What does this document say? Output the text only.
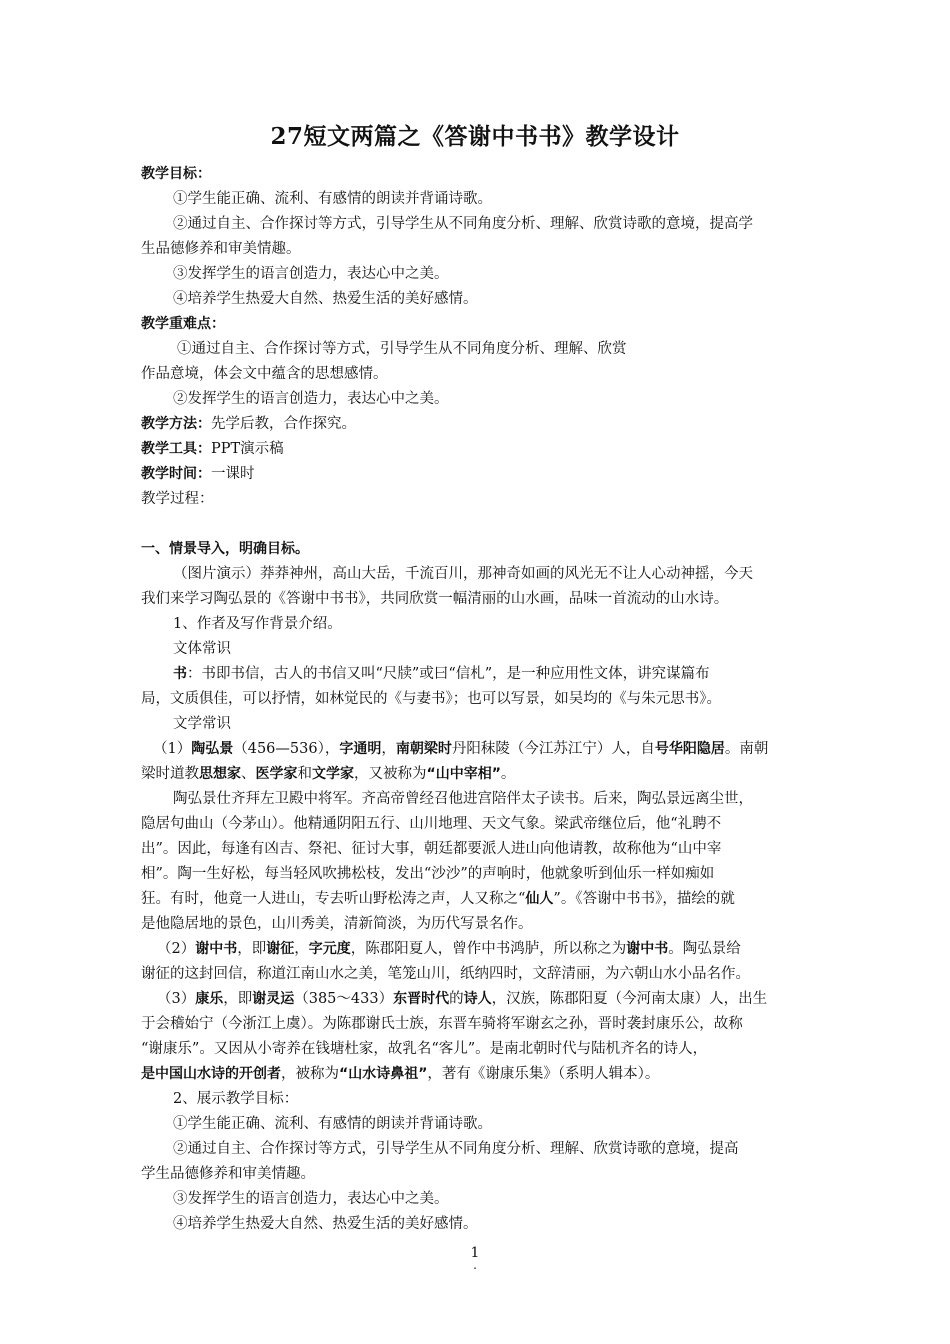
27短文两篇之《答谢中书书》教学设计
教学目标：
①学生能正确、流利、有感情的朗读并背诵诗歌。
②通过自主、合作探讨等方式，引导学生从不同角度分析、理解、欣赏诗歌的意境，提高学
生品德修养和审美情趣。
③发挥学生的语言创造力，表达心中之美。
④培养学生热爱大自然、热爱生活的美好感情。
教学重难点：
①通过自主、合作探讨等方式，引导学生从不同角度分析、理解、欣赏
作品意境，体会文中蕴含的思想感情。
②发挥学生的语言创造力，表达心中之美。
教学方法：先学后教，合作探究。
教学工具：PPT演示稿
教学时间：一课时
教学过程：
一、情景导入，明确目标。
（图片演示）莽莽神州，高山大岳，千流百川，那神奇如画的风光无不让人心动神摇，今天
我们来学习陶弘景的《答谢中书书》，共同欣赏一幅清丽的山水画，品味一首流动的山水诗。
1、作者及写作背景介绍。
文体常识
书：书即书信，古人的书信又叫“尺牍”或曰“信札”，是一种应用性文体，讲究谋篇布
局，文质俱佳，可以抒情，如林觉民的《与妻书》；也可以写景，如吴均的《与朱元思书》。
文学常识
（1）陶弘景（456—536），字通明，南朝梁时丹阳秣陵（今江苏江宁）人，自号华阳隐居。南朝
梁时道教思想家、医学家和文学家，又被称为“山中宰相”。
陶弘景仕齐拜左卫殿中将军。齐高帝曾经召他进宫陪伴太子读书。后来，陶弘景远离尘世，
隐居句曲山（今茅山）。他精通阴阳五行、山川地理、天文气象。梁武帝继位后，他“礼聘不
出”。因此，每逢有凶吉、祭祀、征讨大事，朝廷都要派人进山向他请教，故称他为“山中宰
相”。陶一生好松，每当轻风吹拂松枝，发出“沙沙”的声响时，他就象听到仙乐一样如痴如
狂。有时，他竟一人进山，专去听山野松涛之声，人又称之“仙人”。《答谢中书书》，描绘的就
是他隐居地的景色，山川秀美，清新简淡，为历代写景名作。
（2）谢中书，即谢征，字元度，陈郡阳夏人，曾作中书鸿胪，所以称之为谢中书。陶弘景给
谢征的这封回信，称道江南山水之美，笔笼山川，纸纳四时，文辞清丽，为六朝山水小品名作。
（3）康乐，即谢灵运（385～433）东晋时代的诗人，汉族，陈郡阳夏（今河南太康）人，出生
于会稽始宁（今浙江上虞）。为陈郡谢氏士族，东晋车骑将军谢玄之孙，晋时袭封康乐公，故称
“谢康乐”。又因从小寄养在钱塘杜家，故乳名“客儿”。是南北朝时代与陆机齐名的诗人，
是中国山水诗的开创者，被称为“山水诗鼻祖”，著有《谢康乐集》（系明人辑本）。
2、展示教学目标：
①学生能正确、流利、有感情的朗读并背诵诗歌。
②通过自主、合作探讨等方式，引导学生从不同角度分析、理解、欣赏诗歌的意境，提高
学生品德修养和审美情趣。
③发挥学生的语言创造力，表达心中之美。
④培养学生热爱大自然、热爱生活的美好感情。
1
.
